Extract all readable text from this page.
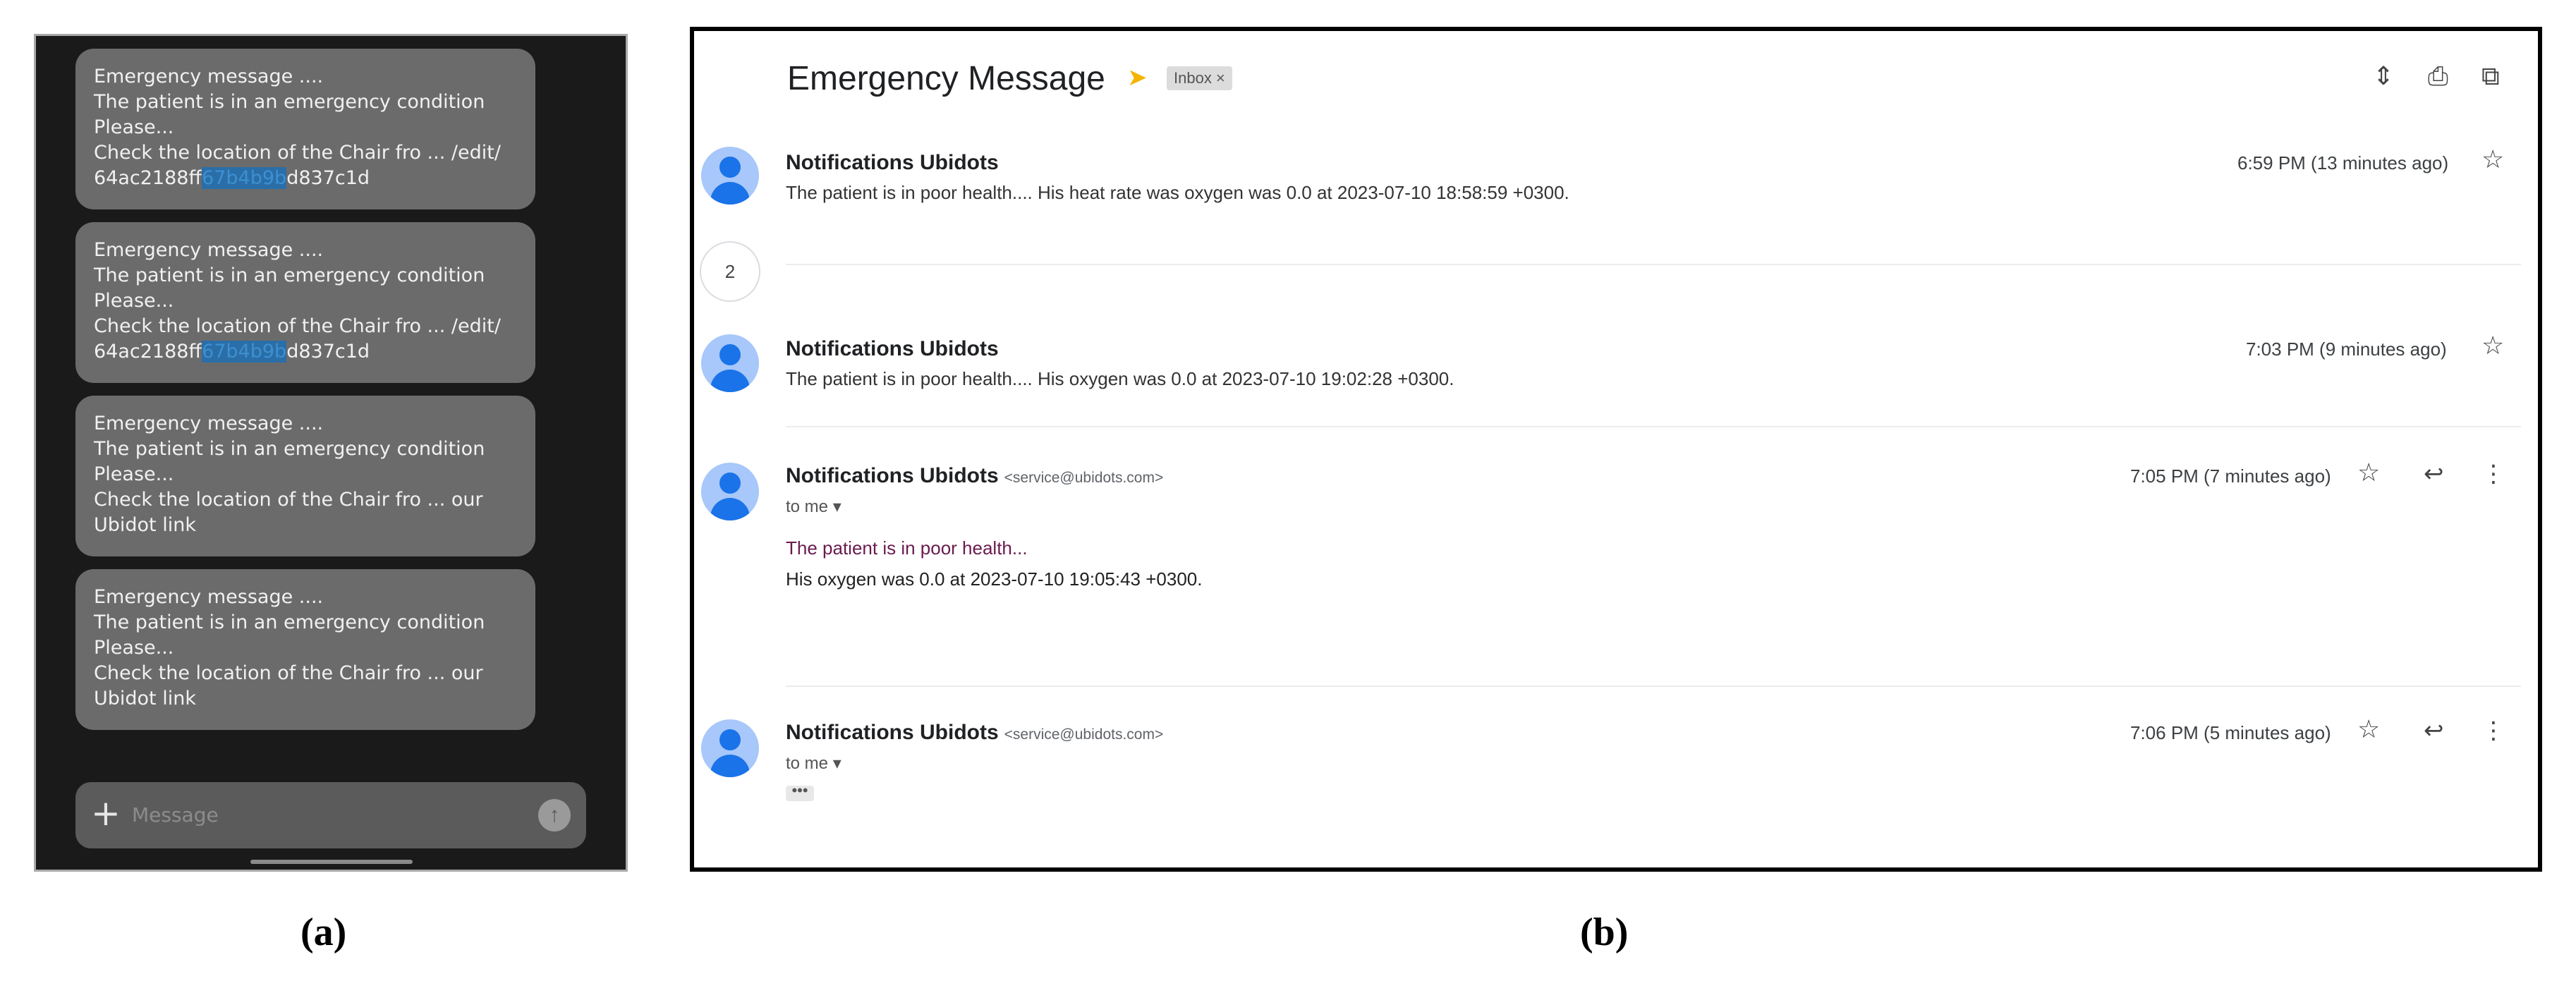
Emergency message ....
The patient is in an emergency condition
Please...
Check the location of the Chair fro ... /edit/
64ac2188ff67b4b9bd837c1d
Emergency message ....
The patient is in an emergency condition
Please...
Check the location of the Chair fro ... /edit/
64ac2188ff67b4b9bd837c1d
Emergency message ....
The patient is in an emergency condition
Please...
Check the location of the Chair fro ... our
Ubidot link
Emergency message ....
The patient is in an emergency condition
Please...
Check the location of the Chair fro ... our
Ubidot link
+ Message	↑
Emergency Message ➤	Inbox ×	⇕ ⎙ ⧉
Notifications Ubidots
The patient is in poor health.... His heat rate was oxygen was 0.0 at 2023-07-10 18:58:59 +0300.
6:59 PM (13 minutes ago) ☆
2
Notifications Ubidots
The patient is in poor health.... His oxygen was 0.0 at 2023-07-10 19:02:28 +0300.
7:03 PM (9 minutes ago) ☆
Notifications Ubidots <service@ubidots.com>
to me ▾
The patient is in poor health...
His oxygen was 0.0 at 2023-07-10 19:05:43 +0300.
7:05 PM (7 minutes ago) ☆ ↩ ⋮
Notifications Ubidots <service@ubidots.com>
to me ▾
•••
7:06 PM (5 minutes ago) ☆ ↩ ⋮
(a)	(b)
